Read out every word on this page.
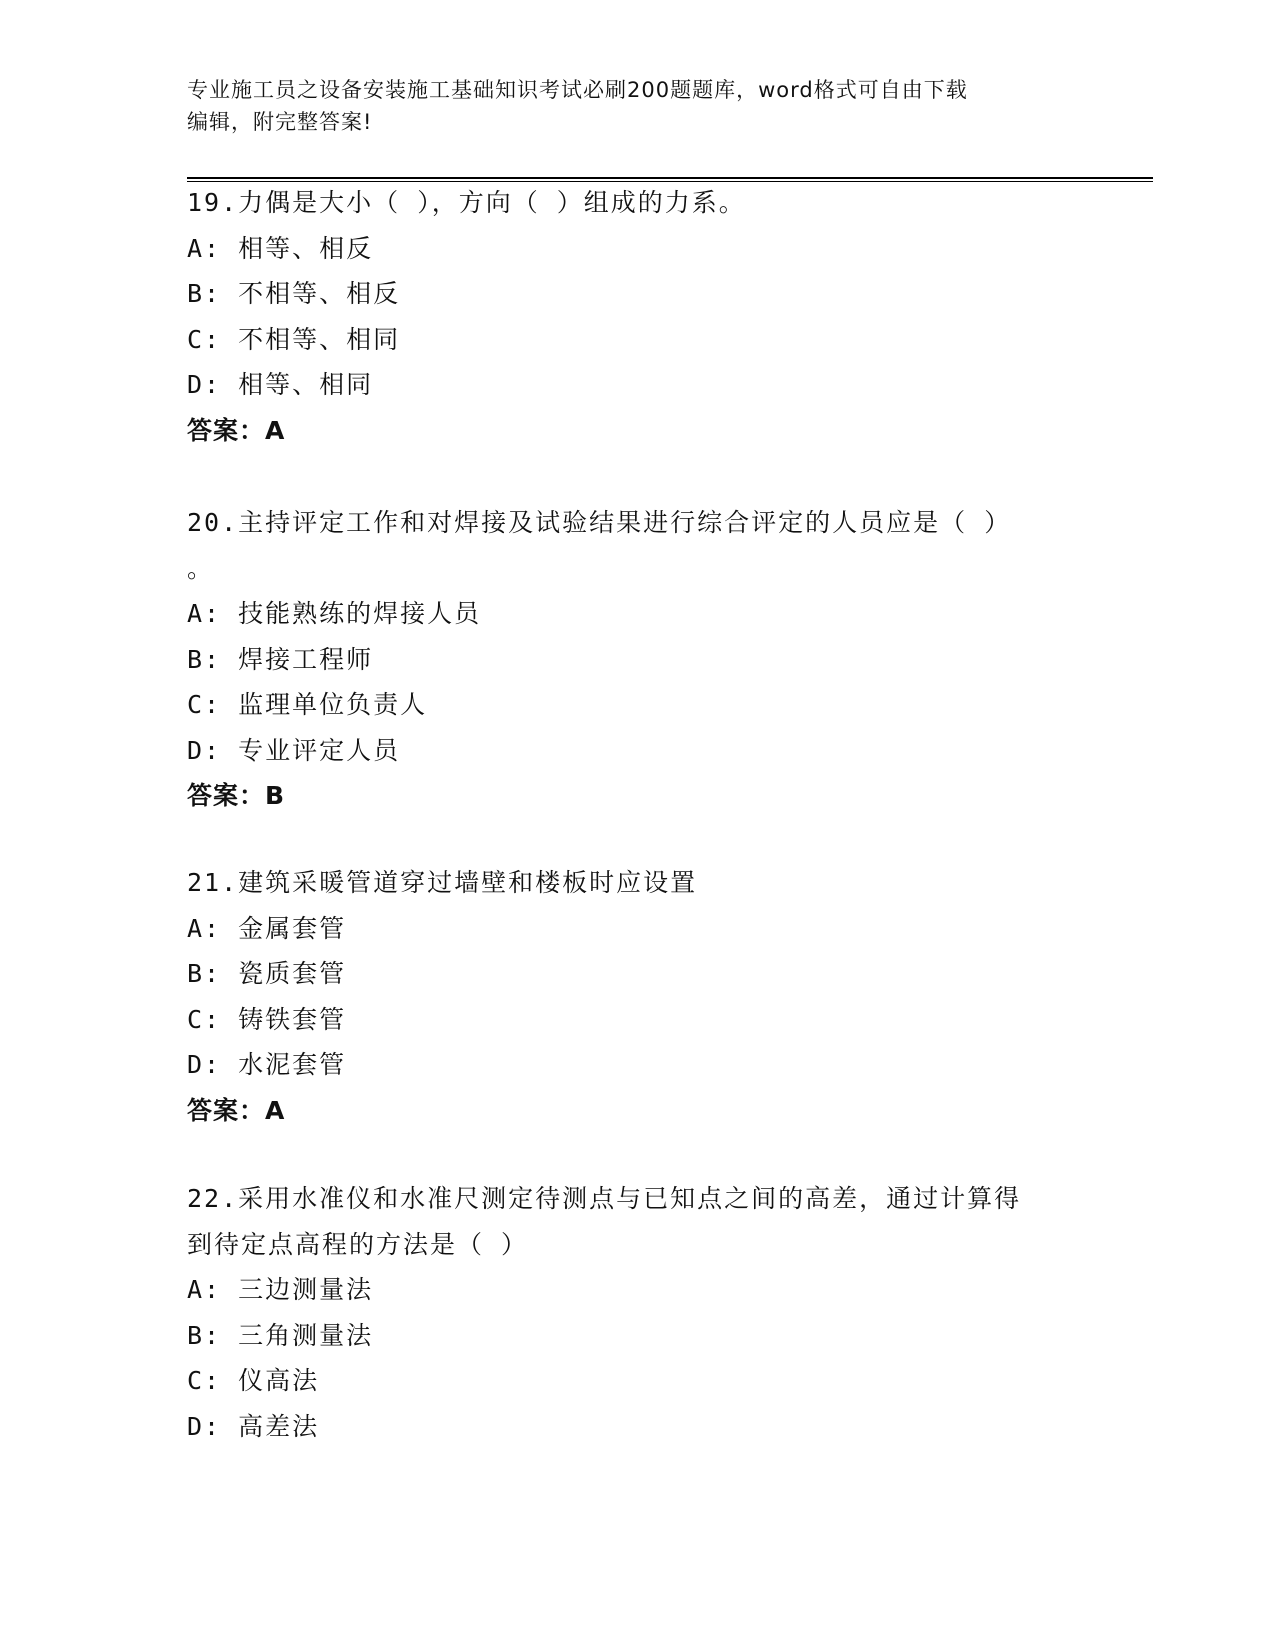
专业施工员之设备安装施工基础知识考试必刷200题题库，word格式可自由下载
编辑，附完整答案!
19.力偶是大小（ ），方向（ ）组成的力系。
A: 相等、相反
B: 不相等、相反
C: 不相等、相同
D: 相等、相同
答案：A
20.主持评定工作和对焊接及试验结果进行综合评定的人员应是（ ）
。
A: 技能熟练的焊接人员
B: 焊接工程师
C: 监理单位负责人
D: 专业评定人员
答案：B
21.建筑采暖管道穿过墙壁和楼板时应设置
A: 金属套管
B: 瓷质套管
C: 铸铁套管
D: 水泥套管
答案：A
22.采用水准仪和水准尺测定待测点与已知点之间的高差，通过计算得
到待定点高程的方法是（ ）
A: 三边测量法
B: 三角测量法
C: 仪高法
D: 高差法
